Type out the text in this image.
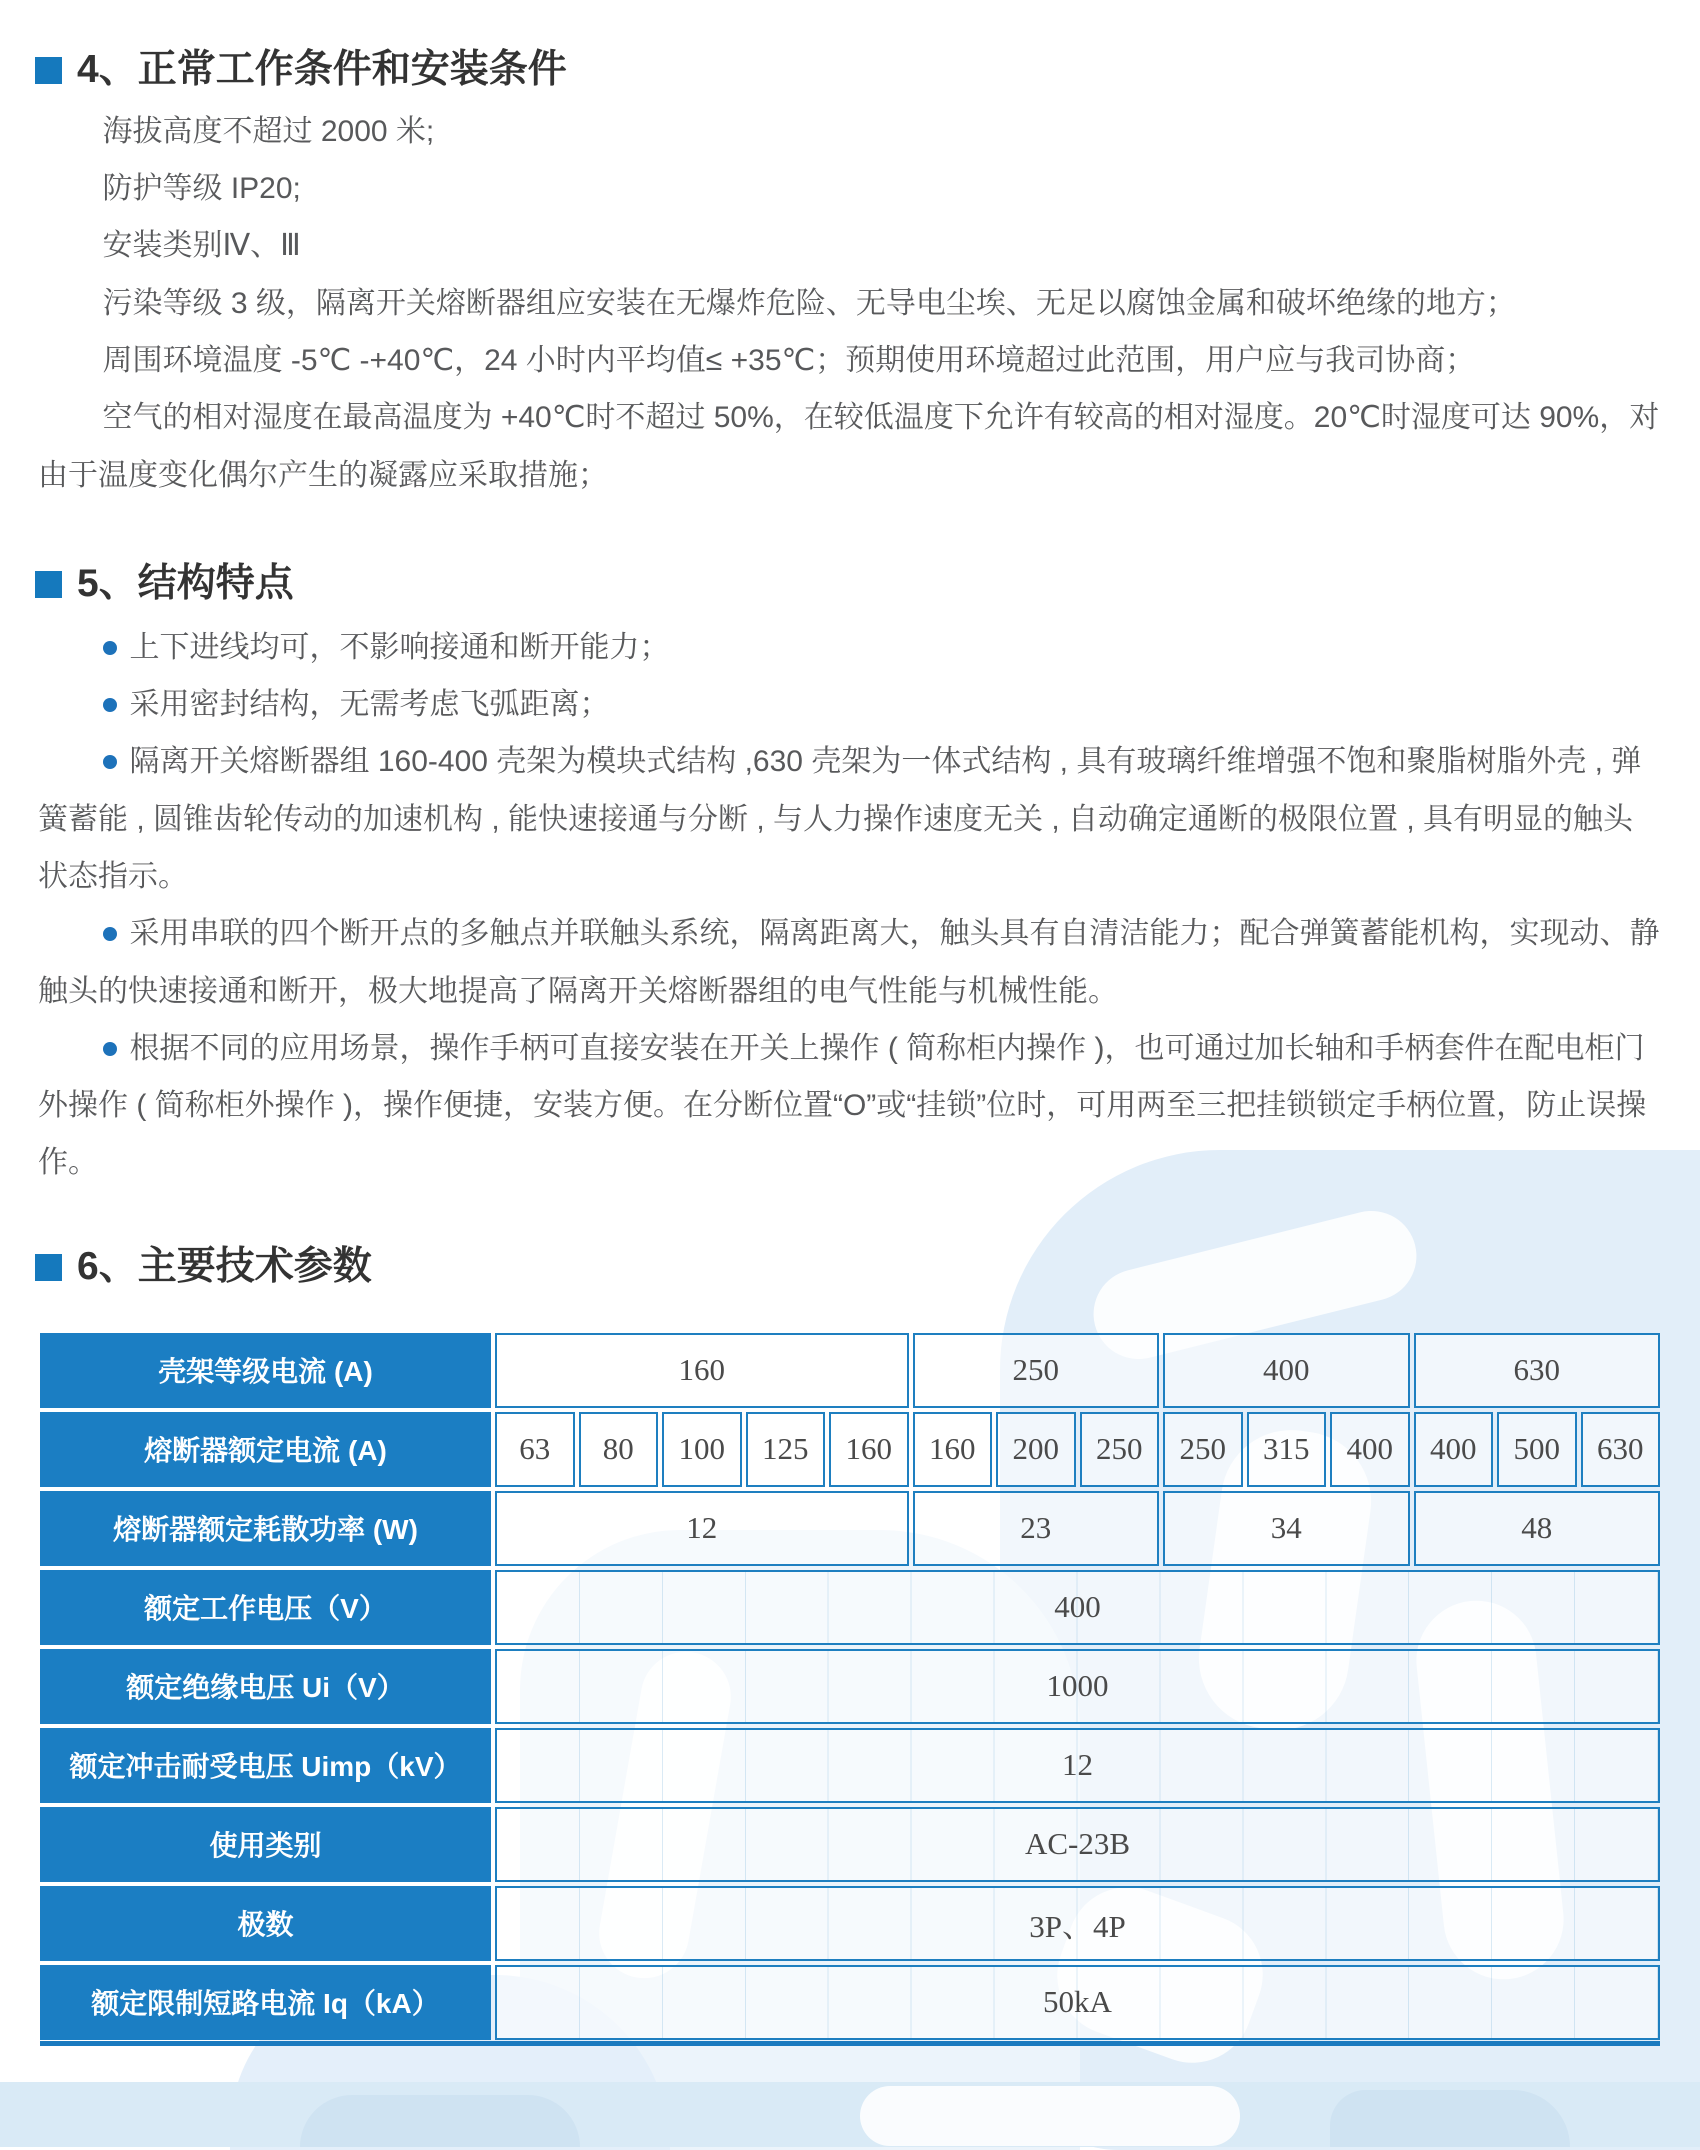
4、正常工作条件和安装条件

海拔高度不超过 2000 米;

防护等级 IP20;

安装类别Ⅳ、Ⅲ

污染等级 3 级，隔离开关熔断器组应安装在无爆炸危险、无导电尘埃、无足以腐蚀金属和破坏绝缘的地方；

周围环境温度 -5℃ -+40℃，24 小时内平均值≤ +35℃；预期使用环境超过此范围，用户应与我司协商；

空气的相对湿度在最高温度为 +40℃时不超过 50%，在较低温度下允许有较高的相对湿度。20℃时湿度可达 90%，对由于温度变化偶尔产生的凝露应采取措施；

5、结构特点

上下进线均可，不影响接通和断开能力；

采用密封结构，无需考虑飞弧距离；

隔离开关熔断器组 160-400 壳架为模块式结构 ,630 壳架为一体式结构 , 具有玻璃纤维增强不饱和聚脂树脂外壳 , 弹簧蓄能 , 圆锥齿轮传动的加速机构 , 能快速接通与分断 , 与人力操作速度无关 , 自动确定通断的极限位置 , 具有明显的触头状态指示。

采用串联的四个断开点的多触点并联触头系统，隔离距离大，触头具有自清洁能力；配合弹簧蓄能机构，实现动、静触头的快速接通和断开，极大地提高了隔离开关熔断器组的电气性能与机械性能。

根据不同的应用场景，操作手柄可直接安装在开关上操作 ( 简称柜内操作 )，也可通过加长轴和手柄套件在配电柜门外操作 ( 简称柜外操作 )，操作便捷，安装方便。在分断位置“O”或“挂锁”位时，可用两至三把挂锁锁定手柄位置，防止误操作。

6、主要技术参数
壳架等级电流 (A)	160	250	400	630
熔断器额定电流 (A)	63	80	100	125	160	160	200	250	250	315	400	400	500	630
熔断器额定耗散功率 (W)	12	23	34	48
额定工作电压（V）	400
额定绝缘电压 Ui（V）	1000
额定冲击耐受电压 Uimp（kV）	12
使用类别	AC-23B
极数	3P、4P
额定限制短路电流 Iq（kA）	50kA
